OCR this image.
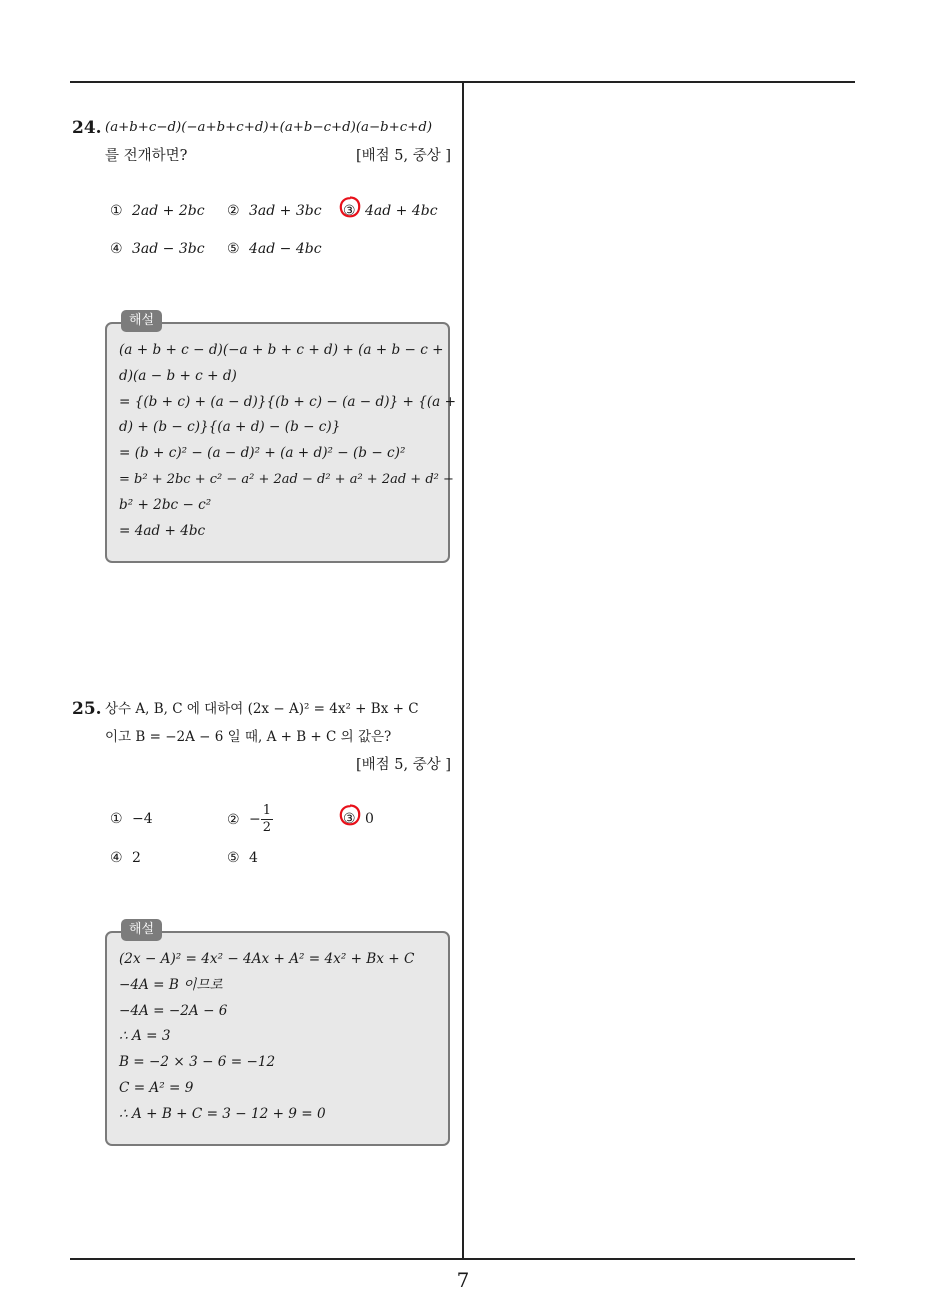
24. (a+b+c−d)(−a+b+c+d)+(a+b−c+d)(a−b+c+d)
를 전개하면?	[배점 5, 중상 ]
① 2ad + 2bc ② 3ad + 3bc ③ 4ad + 4bc
④ 3ad − 3bc ⑤ 4ad − 4bc
해설
(a + b + c − d)(−a + b + c + d) + (a + b − c +
d)(a − b + c + d)
= {(b + c) + (a − d)}{(b + c) − (a − d)} + {(a +
d) + (b − c)}{(a + d) − (b − c)}
= (b + c)² − (a − d)² + (a + d)² − (b − c)²
= b² + 2bc + c² − a² + 2ad − d² + a² + 2ad + d² −
b² + 2bc − c²
= 4ad + 4bc
25. 상수 A, B, C 에 대하여 (2x − A)² = 4x² + Bx + C
이고 B = −2A − 6 일 때, A + B + C 의 값은?
[배점 5, 중상 ]
① −4	② − $\frac{1}{2}$	③ 0
④ 2	⑤ 4
해설
(2x − A)² = 4x² − 4Ax + A² = 4x² + Bx + C
−4A = B 이므로
−4A = −2A − 6
∴ A = 3
B = −2 × 3 − 6 = −12
C = A² = 9
∴ A + B + C = 3 − 12 + 9 = 0
7
